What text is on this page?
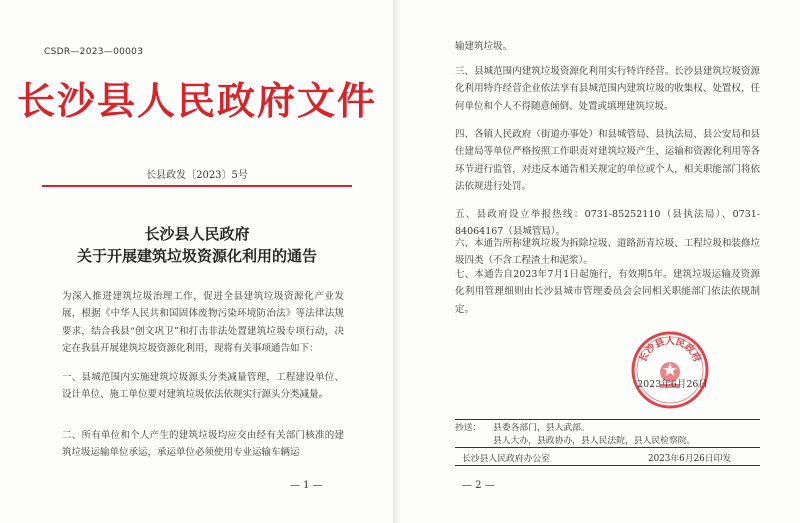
CSDR—2023—00003
长沙县人民政府文件
长县政发〔2023〕5号
长沙县人民政府
关于开展建筑垃圾资源化利用的通告

为深入推进建筑垃圾治理工作，促进全县建筑垃圾资源化产业发展，根据《中华人民共和国固体废物污染环境防治法》等法律法规要求，结合我县“创文巩卫”和打击非法处置建筑垃圾专项行动，决定在我县开展建筑垃圾资源化利用，现将有关事项通告如下：

一、县城范围内实施建筑垃圾源头分类减量管理，工程建设单位、设计单位、施工单位要对建筑垃圾依法依规实行源头分类减量。

二、所有单位和个人产生的建筑垃圾均应交由经有关部门核准的建筑垃圾运输单位承运，承运单位必须使用专业运输车辆运

— 1 —

输建筑垃圾。

三、县城范围内建筑垃圾资源化利用实行特许经营。长沙县建筑垃圾资源化利用特许经营企业依法享有县城范围内建筑垃圾的收集权、处置权，任何单位和个人不得随意倾倒、处置或填埋建筑垃圾。

四、各镇人民政府（街道办事处）和县城管局、县执法局、县公安局和县住建局等单位严格按照工作职责对建筑垃圾产生、运输和资源化利用等各环节进行监管，对违反本通告相关规定的单位或个人，相关职能部门将依法依规进行处罚。

五、县政府设立举报热线：0731-85252110（县执法局）、0731-84064167（县城管局）。

六、本通告所称建筑垃圾为拆除垃圾、道路沥青垃圾、工程垃圾和装修垃圾四类（不含工程渣土和泥浆）。

七、本通告自2023年7月1日起施行，有效期5年。建筑垃圾运输及资源化利用管理细则由长沙县城市管理委员会会同相关职能部门依法依规制定。

长沙县人民政府
2023年6月26日
抄送： 县委各部门，县人武部。
县人大办，县政协办，县人民法院，县人民检察院。
长沙县人民政府办公室	2023年6月26日印发
— 2 —
